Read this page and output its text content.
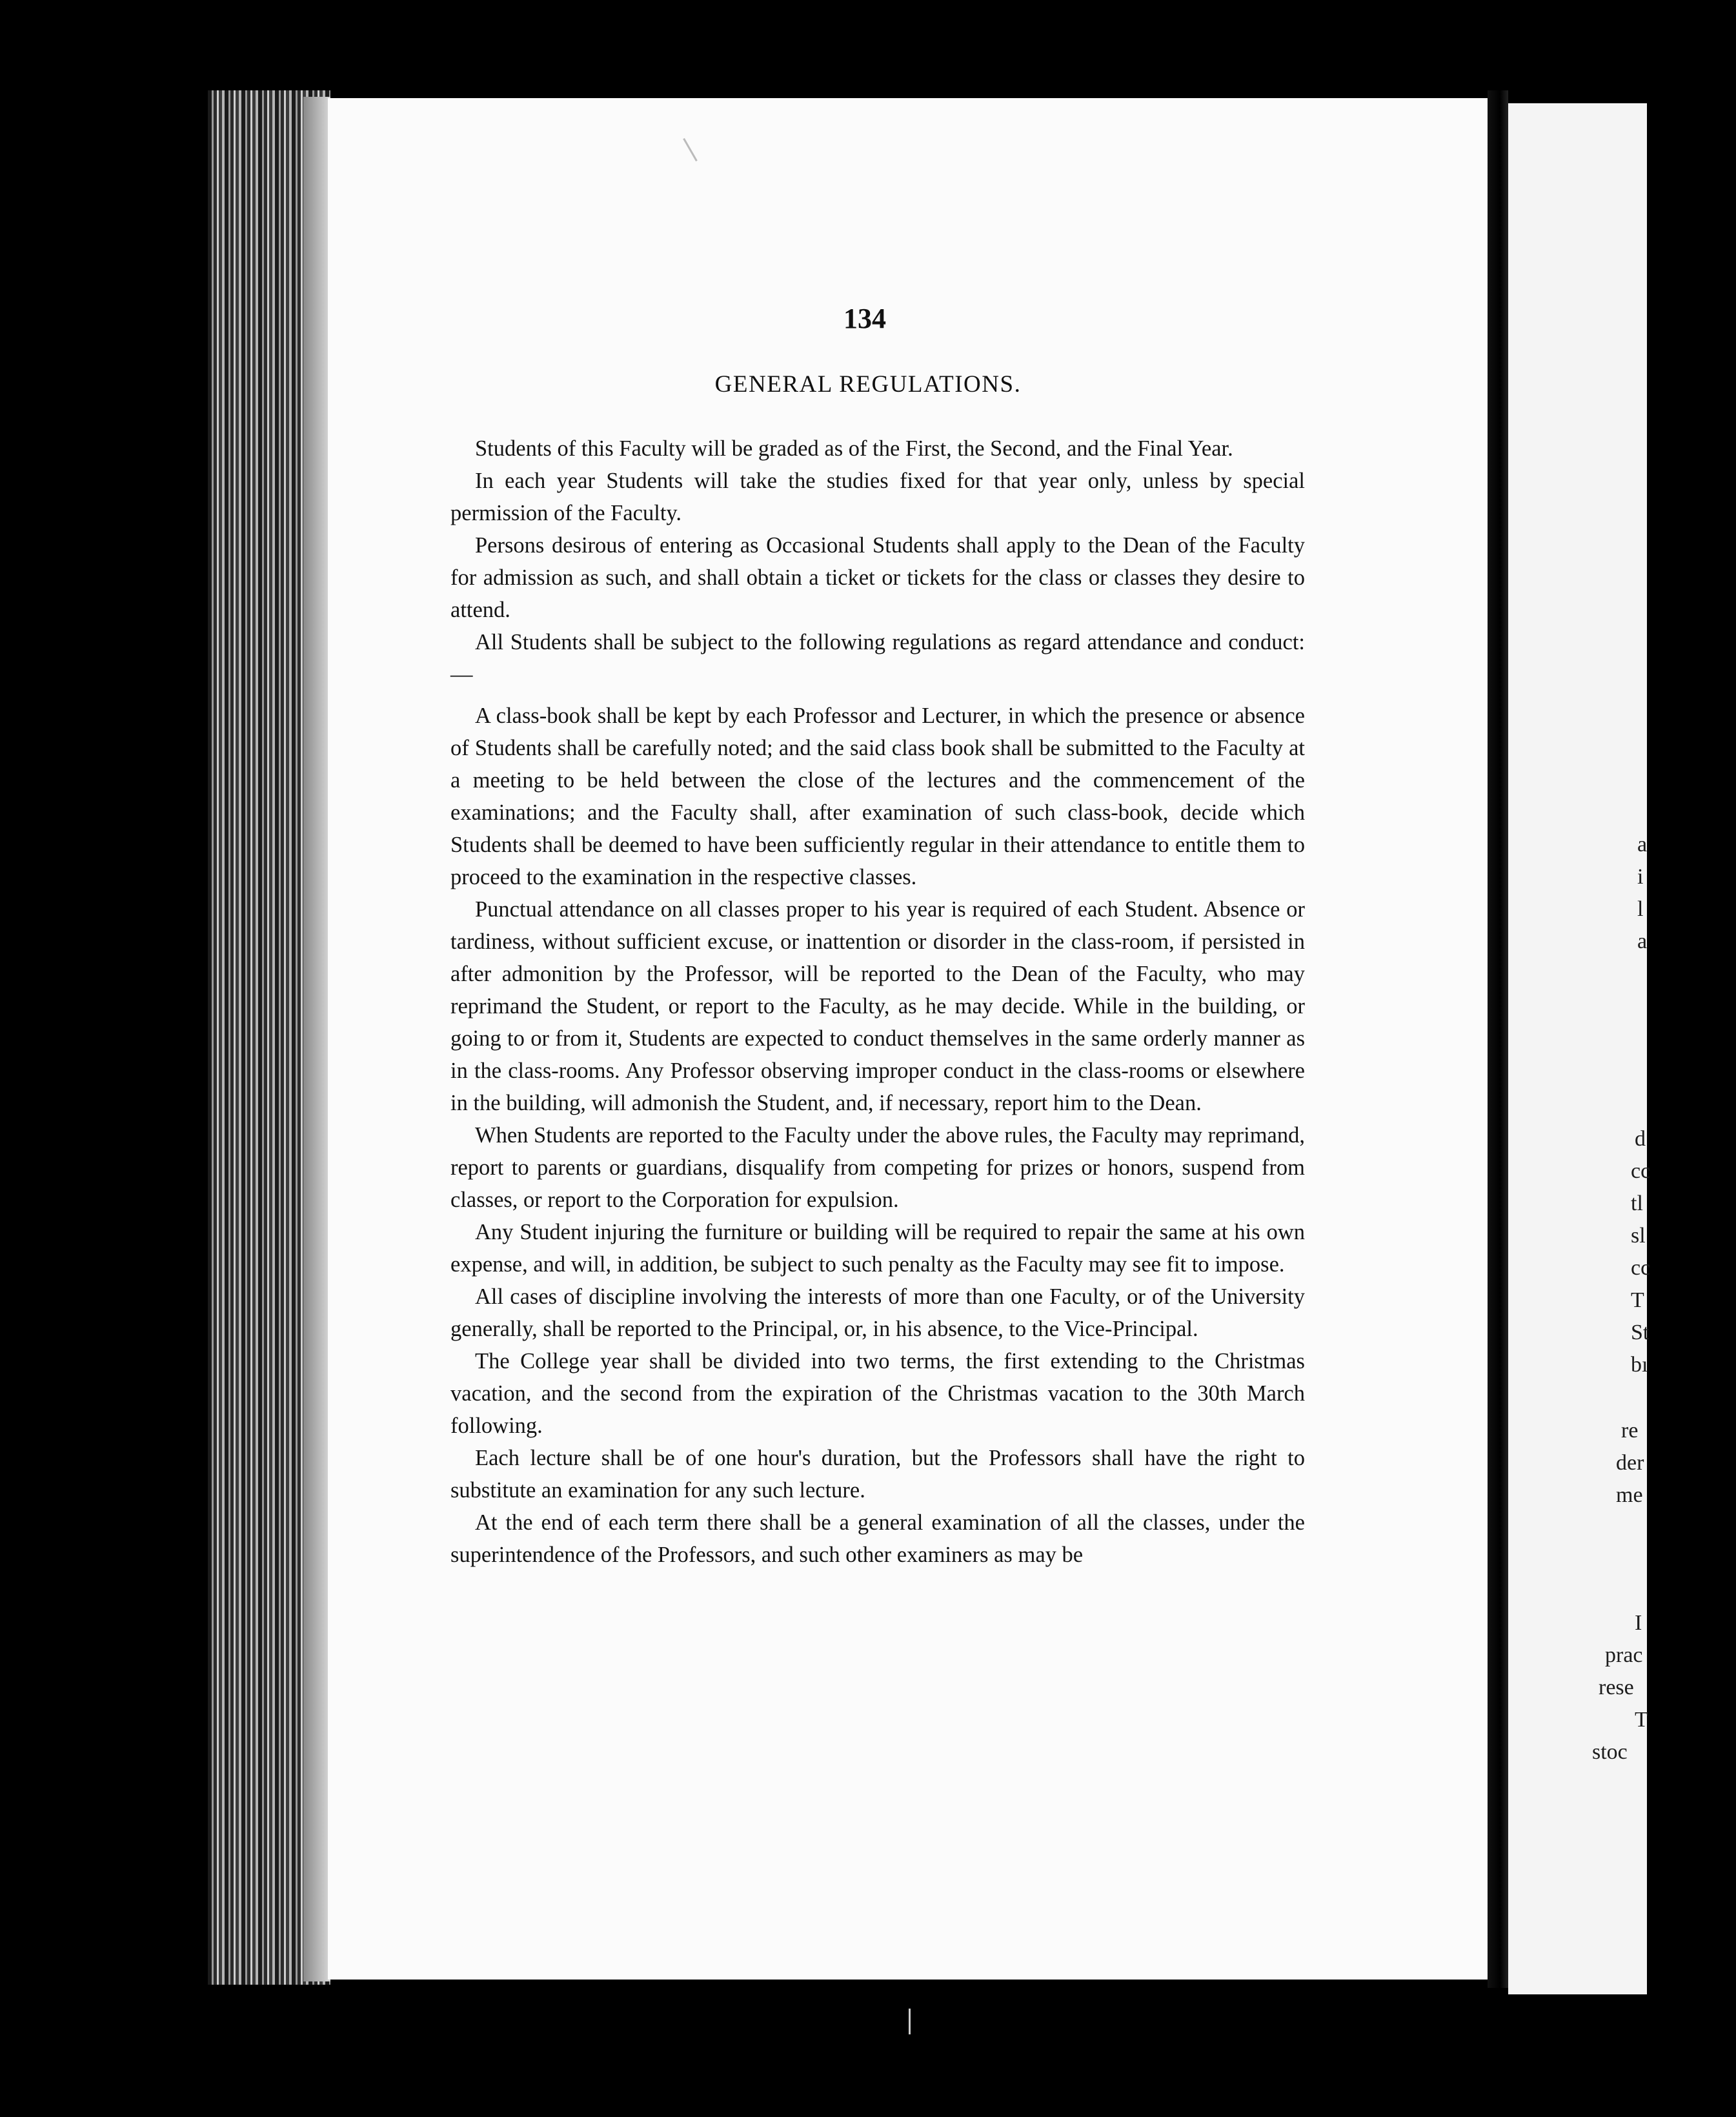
a
i
l
a
d
cc
tl
sl
cc
T
St
bı
re
der
me
I
prac
rese
T
stoc
134
GENERAL REGULATIONS.

Students of this Faculty will be graded as of the First, the Second, and the Final Year.

In each year Students will take the studies fixed for that year only, unless by special permission of the Faculty.

Persons desirous of entering as Occasional Students shall apply to the Dean of the Faculty for admission as such, and shall obtain a ticket or tickets for the class or classes they desire to attend.

All Students shall be subject to the following regulations as regard attendance and conduct:—

A class-book shall be kept by each Professor and Lecturer, in which the presence or absence of Students shall be carefully noted; and the said class book shall be submitted to the Faculty at a meeting to be held between the close of the lectures and the commencement of the examinations; and the Faculty shall, after examination of such class-book, decide which Students shall be deemed to have been sufficiently regular in their attendance to entitle them to proceed to the examination in the respective classes.

Punctual attendance on all classes proper to his year is required of each Student. Absence or tardiness, without sufficient excuse, or inattention or disorder in the class-room, if persisted in after admonition by the Professor, will be reported to the Dean of the Faculty, who may reprimand the Student, or report to the Faculty, as he may decide. While in the building, or going to or from it, Students are expected to conduct themselves in the same orderly manner as in the class-rooms. Any Professor observing improper conduct in the class-rooms or elsewhere in the building, will admonish the Student, and, if necessary, report him to the Dean.

When Students are reported to the Faculty under the above rules, the Faculty may reprimand, report to parents or guardians, disqualify from competing for prizes or honors, suspend from classes, or report to the Corporation for expulsion.

Any Student injuring the furniture or building will be required to repair the same at his own expense, and will, in addition, be subject to such penalty as the Faculty may see fit to impose.

All cases of discipline involving the interests of more than one Faculty, or of the University generally, shall be reported to the Principal, or, in his absence, to the Vice-Principal.

The College year shall be divided into two terms, the first extending to the Christmas vacation, and the second from the expiration of the Christmas vacation to the 30th March following.

Each lecture shall be of one hour's duration, but the Professors shall have the right to substitute an examination for any such lecture.

At the end of each term there shall be a general examination of all the classes, under the superintendence of the Professors, and such other examiners as may be
